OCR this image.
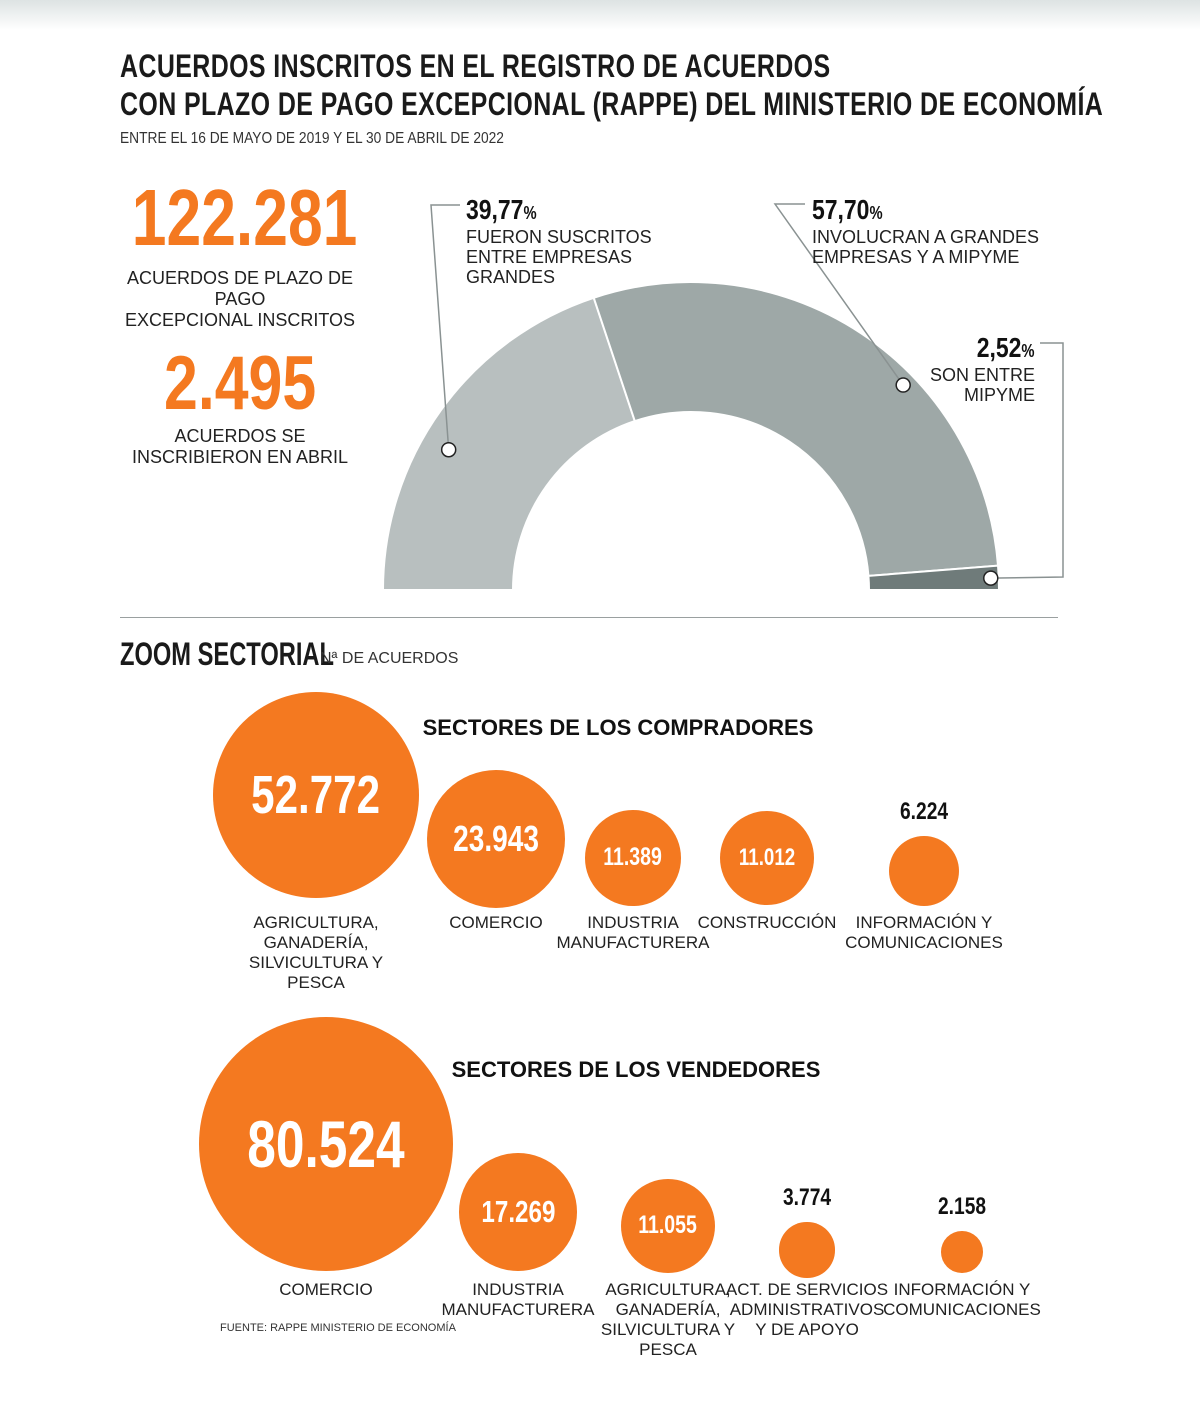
ACUERDOS INSCRITOS EN EL REGISTRO DE ACUERDOS
CON PLAZO DE PAGO EXCEPCIONAL (RAPPE) DEL MINISTERIO DE ECONOMÍA
ENTRE EL 16 DE MAYO DE 2019 Y EL 30 DE ABRIL DE 2022
122.281
ACUERDOS DE PLAZO DE PAGO
EXCEPCIONAL INSCRITOS
2.495
ACUERDOS SE
INSCRIBIERON EN ABRIL
39,77%
FUERON SUSCRITOS
ENTRE EMPRESAS
GRANDES
57,70%
INVOLUCRAN A GRANDES
EMPRESAS Y A MIPYME
2,52%
SON ENTRE
MIPYME
ZOOM SECTORIAL
Nª DE ACUERDOS
SECTORES DE LOS COMPRADORES
SECTORES DE LOS VENDEDORES
52.772
AGRICULTURA,
GANADERÍA,
SILVICULTURA Y PESCA
23.943
COMERCIO
11.389
INDUSTRIA
MANUFACTURERA
11.012
CONSTRUCCIÓN
6.224
INFORMACIÓN Y
COMUNICACIONES
80.524
COMERCIO
17.269
INDUSTRIA
MANUFACTURERA
11.055
AGRICULTURA,
GANADERÍA,
SILVICULTURA Y
PESCA
3.774
ACT. DE SERVICIOS
ADMINISTRATIVOS
Y DE APOYO
2.158
INFORMACIÓN Y
COMUNICACIONES
FUENTE: RAPPE MINISTERIO DE ECONOMÍA
